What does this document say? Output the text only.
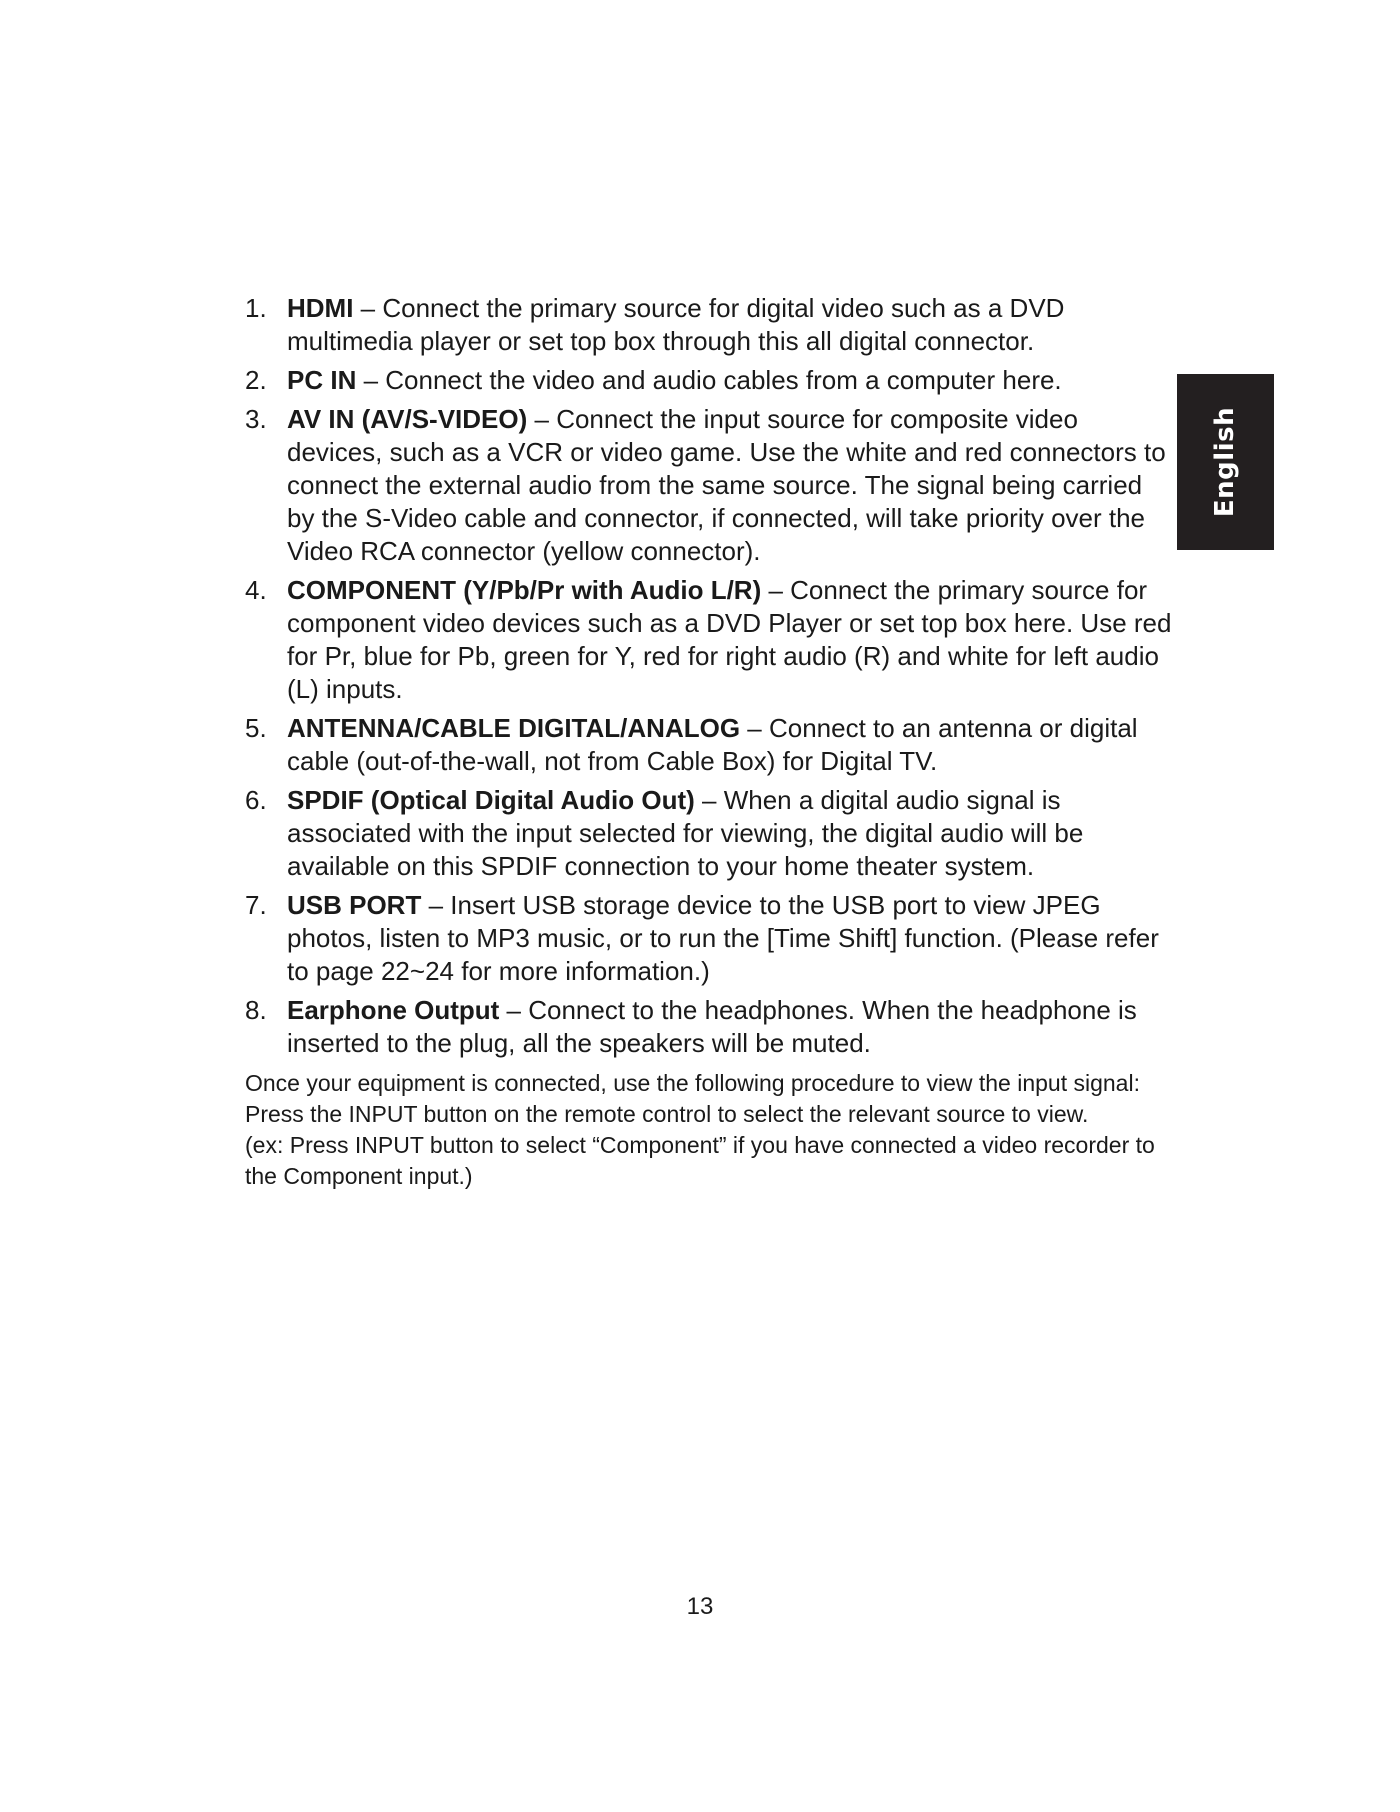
English
1. HDMI – Connect the primary source for digital video such as a DVD multimedia player or set top box through this all digital connector.
2. PC IN – Connect the video and audio cables from a computer here.
3. AV IN (AV/S-VIDEO) – Connect the input source for composite video devices, such as a VCR or video game. Use the white and red connectors to connect the external audio from the same source. The signal being carried by the S-Video cable and connector, if connected, will take priority over the Video RCA connector (yellow connector).
4. COMPONENT (Y/Pb/Pr with Audio L/R) – Connect the primary source for component video devices such as a DVD Player or set top box here. Use red for Pr, blue for Pb, green for Y, red for right audio (R) and white for left audio (L) inputs.
5. ANTENNA/CABLE DIGITAL/ANALOG – Connect to an antenna or digital cable (out-of-the-wall, not from Cable Box) for Digital TV.
6. SPDIF (Optical Digital Audio Out) – When a digital audio signal is associated with the input selected for viewing, the digital audio will be available on this SPDIF connection to your home theater system.
7. USB PORT – Insert USB storage device to the USB port to view JPEG photos, listen to MP3 music, or to run the [Time Shift] function. (Please refer to page 22~24 for more information.)
8. Earphone Output – Connect to the headphones. When the headphone is inserted to the plug, all the speakers will be muted.

Once your equipment is connected, use the following procedure to view the input signal:

Press the INPUT button on the remote control to select the relevant source to view.

(ex: Press INPUT button to select “Component” if you have connected a video recorder to the Component input.)

13
